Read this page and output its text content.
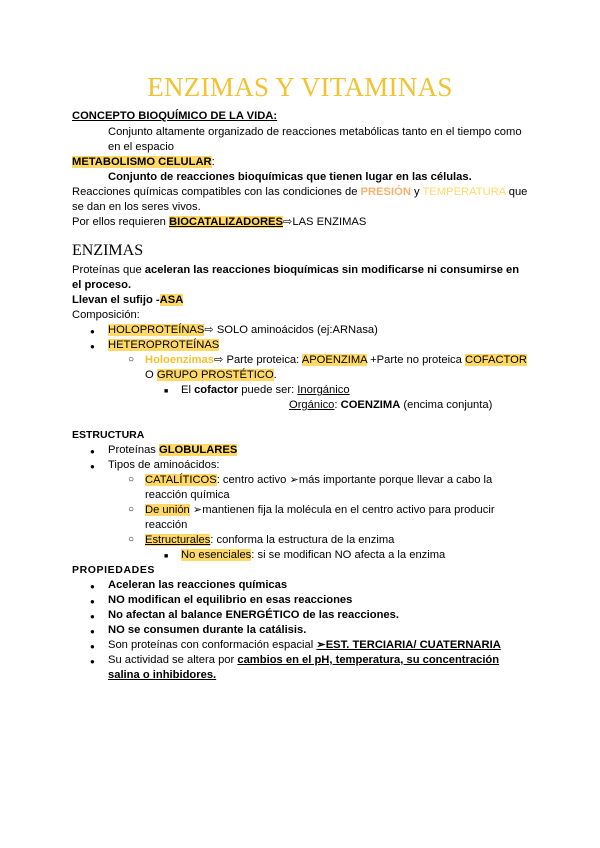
ENZIMAS Y VITAMINAS
CONCEPTO BIOQUÍMICO DE LA VIDA:
Conjunto altamente organizado de reacciones metabólicas tanto en el tiempo como
en el espacio
METABOLISMO CELULAR:
Conjunto de reacciones bioquímicas que tienen lugar en las células.
Reacciones químicas compatibles con las condiciones de PRESIÓN y TEMPERATURA que
se dan en los seres vivos.
Por ellos requieren BIOCATALIZADORES⇨LAS ENZIMAS
ENZIMAS
Proteínas que aceleran las reacciones bioquímicas sin modificarse ni consumirse en
el proceso.
Llevan el sufijo -ASA
Composición:
● HOLOPROTEÍNAS⇨ SOLO aminoácidos (ej:ARNasa)
● HETEROPROTEÍNAS
○ Holoenzimas⇨ Parte proteica: APOENZIMA +Parte no proteica COFACTOR
O GRUPO PROSTÉTICO.
■ El cofactor puede ser: Inorgánico
Orgánico: COENZIMA (encima conjunta)
ESTRUCTURA
● Proteínas GLOBULARES
● Tipos de aminoácidos:
○ CATALÍTICOS: centro activo ➢más importante porque llevar a cabo la
reacción química
○ De unión ➢mantienen fija la molécula en el centro activo para producir
reacción
○ Estructurales: conforma la estructura de la enzima
■ No esenciales: si se modifican NO afecta a la enzima
PROPIEDADES
● Aceleran las reacciones químicas
● NO modifican el equilibrio en esas reacciones
● No afectan al balance ENERGÉTICO de las reacciones.
● NO se consumen durante la catálisis.
● Son proteínas con conformación espacial ➢EST. TERCIARIA/ CUATERNARIA
● Su actividad se altera por cambios en el pH, temperatura, su concentración
salina o inhibidores.
